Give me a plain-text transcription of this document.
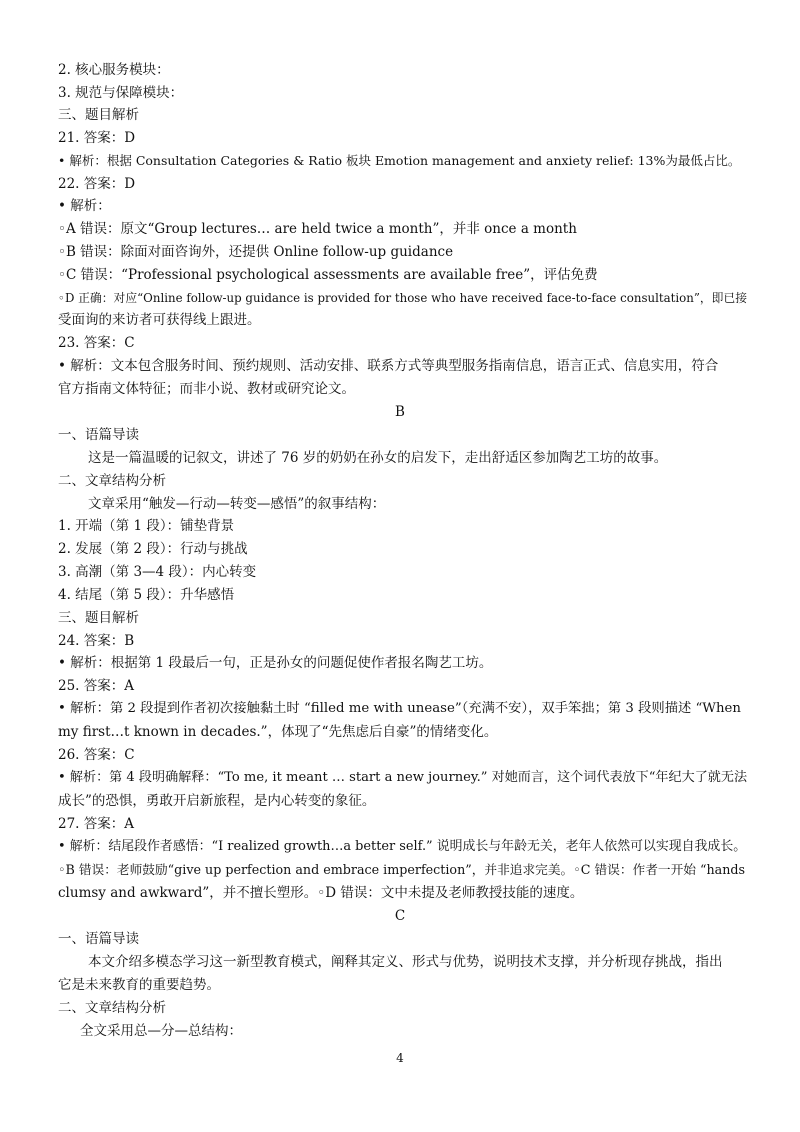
2. 核心服务模块：
3. 规范与保障模块：
三、题目解析
21. 答案：D
• 解析：根据 Consultation Categories & Ratio 板块 Emotion management and anxiety relief: 13%为最低占比。
22. 答案：D
• 解析：
◦A 错误：原文“Group lectures… are held twice a month”，并非 once a month
◦B 错误：除面对面咨询外，还提供 Online follow-up guidance
◦C 错误：“Professional psychological assessments are available free”，评估免费
◦D 正确：对应“Online follow-up guidance is provided for those who have received face-to-face consultation”，即已接
受面询的来访者可获得线上跟进。
23. 答案：C
• 解析：文本包含服务时间、预约规则、活动安排、联系方式等典型服务指南信息，语言正式、信息实用，符合
官方指南文体特征；而非小说、教材或研究论文。
B
一、语篇导读
这是一篇温暖的记叙文，讲述了 76 岁的奶奶在孙女的启发下，走出舒适区参加陶艺工坊的故事。
二、文章结构分析
文章采用“触发—行动—转变—感悟”的叙事结构：
1. 开端（第 1 段）：铺垫背景
2. 发展（第 2 段）：行动与挑战
3. 高潮（第 3—4 段）：内心转变
4. 结尾（第 5 段）：升华感悟
三、题目解析
24. 答案：B
• 解析：根据第 1 段最后一句，正是孙女的问题促使作者报名陶艺工坊。
25. 答案：A
• 解析：第 2 段提到作者初次接触黏土时 “filled me with unease”（充满不安），双手笨拙；第 3 段则描述 “When
my first…t known in decades.”，体现了“先焦虑后自豪”的情绪变化。
26. 答案：C
• 解析：第 4 段明确解释：“To me, it meant … start a new journey.” 对她而言，这个词代表放下“年纪大了就无法
成长”的恐惧，勇敢开启新旅程，是内心转变的象征。
27. 答案：A
• 解析：结尾段作者感悟：“I realized growth…a better self.” 说明成长与年龄无关，老年人依然可以实现自我成长。
◦B 错误：老师鼓励“give up perfection and embrace imperfection”，并非追求完美。◦C 错误：作者一开始 “hands
clumsy and awkward”，并不擅长塑形。◦D 错误：文中未提及老师教授技能的速度。
C
一、语篇导读
本文介绍多模态学习这一新型教育模式，阐释其定义、形式与优势，说明技术支撑，并分析现存挑战，指出
它是未来教育的重要趋势。
二、文章结构分析
全文采用总—分—总结构：
4
